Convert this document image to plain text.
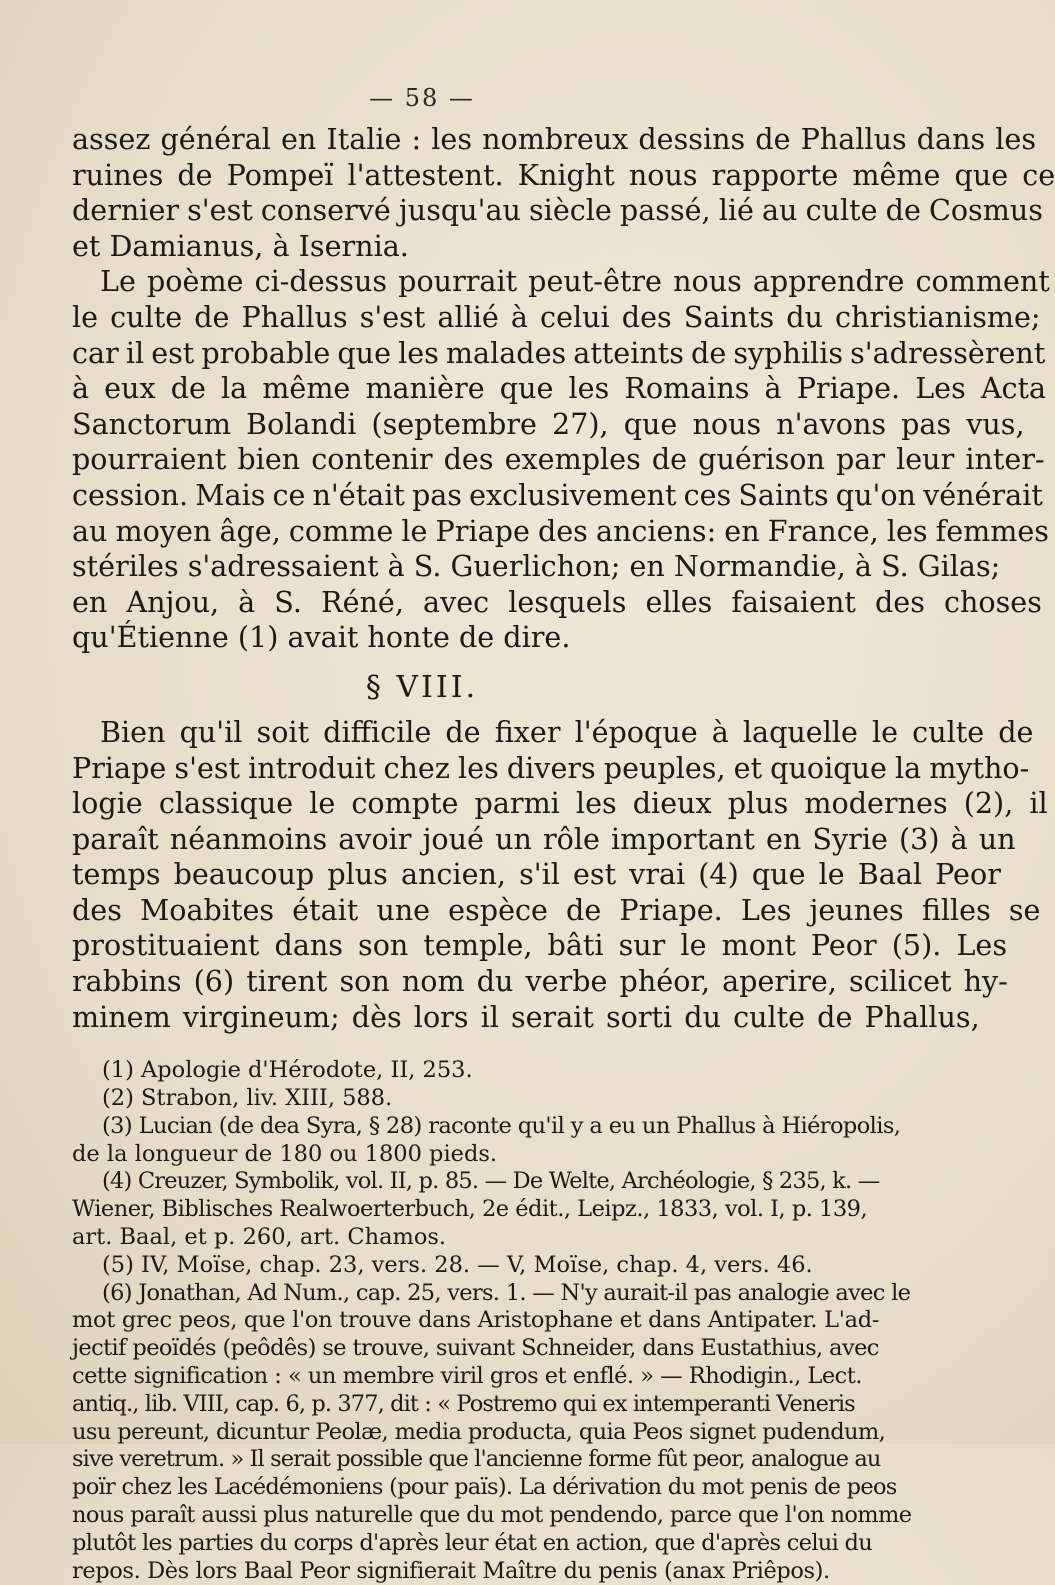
— 58 —
assez général en Italie : les nombreux dessins de Phallus dans les
ruines de Pompeï l'attestent. Knight nous rapporte même que ce
dernier s'est conservé jusqu'au siècle passé, lié au culte de Cosmus
et Damianus, à Isernia.
Le poème ci-dessus pourrait peut-être nous apprendre comment
le culte de Phallus s'est allié à celui des Saints du christianisme;
car il est probable que les malades atteints de syphilis s'adressèrent
à eux de la même manière que les Romains à Priape. Les Acta
Sanctorum Bolandi (septembre 27), que nous n'avons pas vus,
pourraient bien contenir des exemples de guérison par leur inter-
cession. Mais ce n'était pas exclusivement ces Saints qu'on vénérait
au moyen âge, comme le Priape des anciens: en France, les femmes
stériles s'adressaient à S. Guerlichon; en Normandie, à S. Gilas;
en Anjou, à S. Réné, avec lesquels elles faisaient des choses
qu'Étienne (1) avait honte de dire.
§ VIII.
Bien qu'il soit difficile de fixer l'époque à laquelle le culte de
Priape s'est introduit chez les divers peuples, et quoique la mytho-
logie classique le compte parmi les dieux plus modernes (2), il
paraît néanmoins avoir joué un rôle important en Syrie (3) à un
temps beaucoup plus ancien, s'il est vrai (4) que le Baal Peor
des Moabites était une espèce de Priape. Les jeunes filles se
prostituaient dans son temple, bâti sur le mont Peor (5). Les
rabbins (6) tirent son nom du verbe phéor, aperire, scilicet hy-
minem virgineum; dès lors il serait sorti du culte de Phallus,
(1) Apologie d'Hérodote, II, 253.
(2) Strabon, liv. XIII, 588.
(3) Lucian (de dea Syra, § 28) raconte qu'il y a eu un Phallus à Hiéropolis,
de la longueur de 180 ou 1800 pieds.
(4) Creuzer, Symbolik, vol. II, p. 85. — De Welte, Archéologie, § 235, k. —
Wiener, Biblisches Realwoerterbuch, 2e édit., Leipz., 1833, vol. I, p. 139,
art. Baal, et p. 260, art. Chamos.
(5) IV, Moïse, chap. 23, vers. 28. — V, Moïse, chap. 4, vers. 46.
(6) Jonathan, Ad Num., cap. 25, vers. 1. — N'y aurait-il pas analogie avec le
mot grec peos, que l'on trouve dans Aristophane et dans Antipater. L'ad-
jectif peoïdés (peôdês) se trouve, suivant Schneider, dans Eustathius, avec
cette signification : « un membre viril gros et enflé. » — Rhodigin., Lect.
antiq., lib. VIII, cap. 6, p. 377, dit : « Postremo qui ex intemperanti Veneris
usu pereunt, dicuntur Peolæ, media producta, quia Peos signet pudendum,
sive veretrum. » Il serait possible que l'ancienne forme fût peor, analogue au
poïr chez les Lacédémoniens (pour païs). La dérivation du mot penis de peos
nous paraît aussi plus naturelle que du mot pendendo, parce que l'on nomme
plutôt les parties du corps d'après leur état en action, que d'après celui du
repos. Dès lors Baal Peor signifierait Maître du penis (anax Priêpos).
